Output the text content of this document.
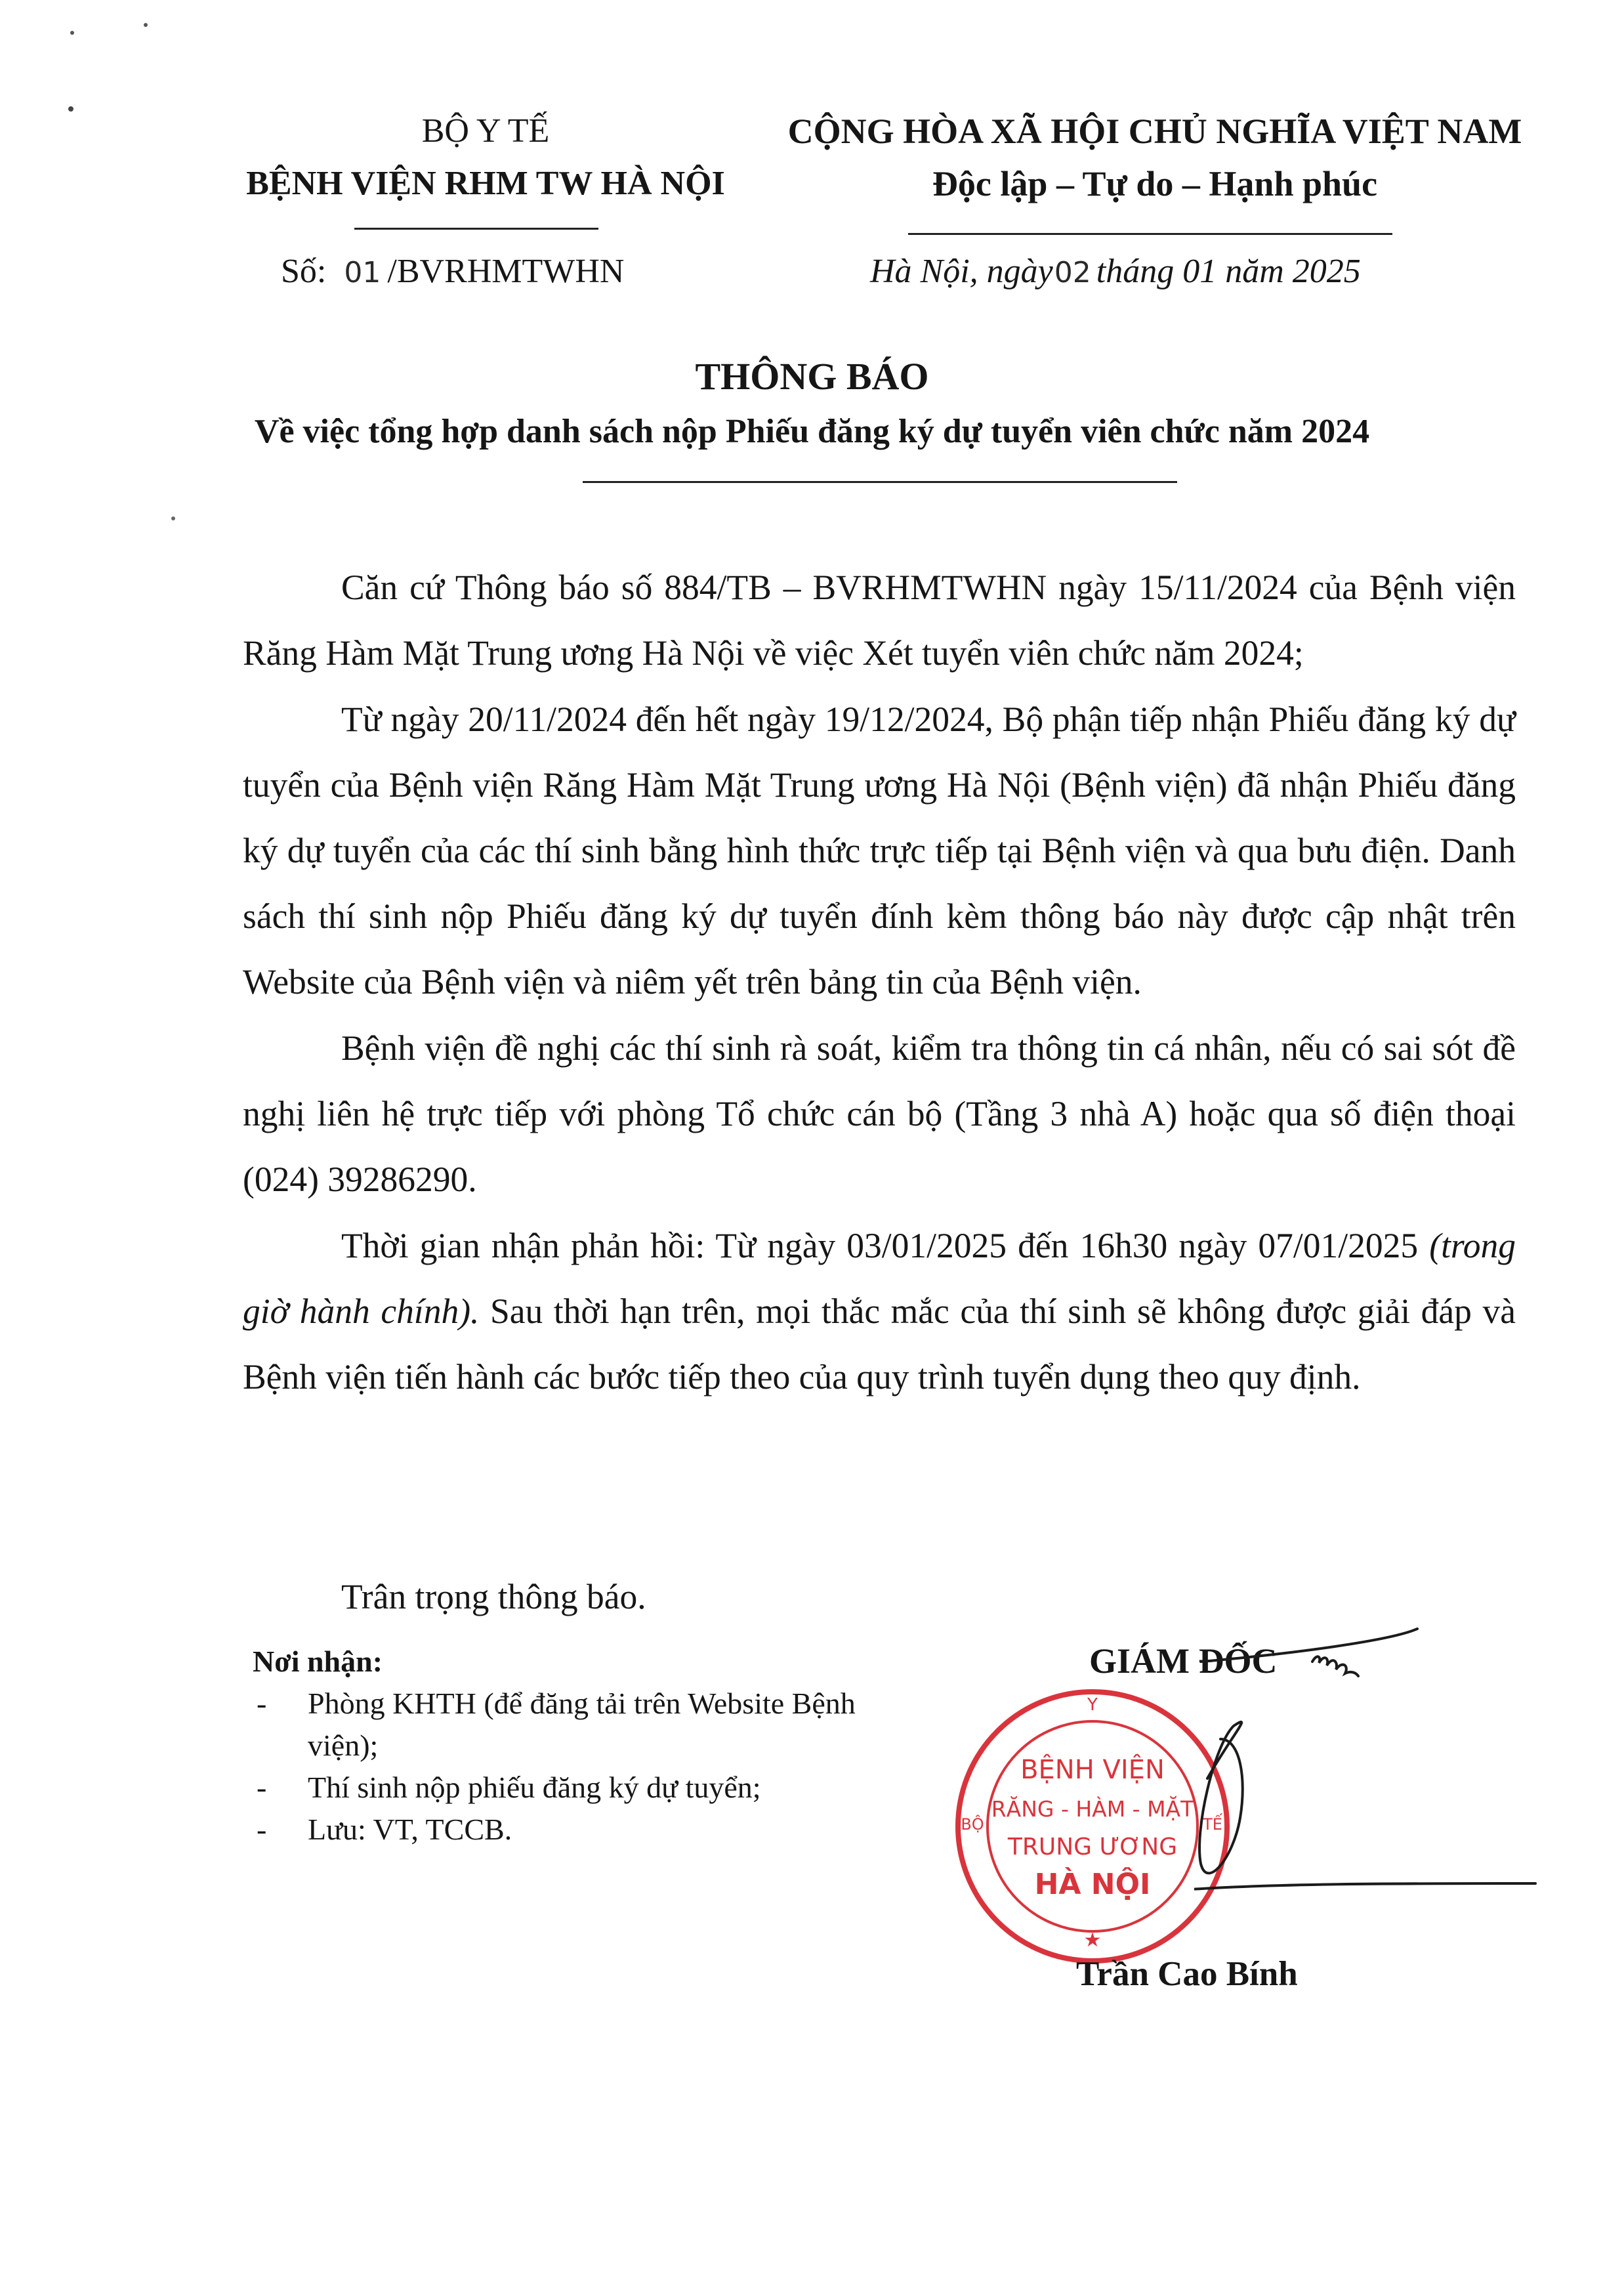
BỘ Y TẾ
BỆNH VIỆN RHM TW HÀ NỘI
Số: 01 /BVRHMTWHN
CỘNG HÒA XÃ HỘI CHỦ NGHĨA VIỆT NAM
Độc lập – Tự do – Hạnh phúc
Hà Nội, ngày02 tháng 01 năm 2025
THÔNG BÁO
Về việc tổng hợp danh sách nộp Phiếu đăng ký dự tuyển viên chức năm 2024

Căn cứ Thông báo số 884/TB – BVRHMTWHN ngày 15/11/2024 của Bệnh viện Răng Hàm Mặt Trung ương Hà Nội về việc Xét tuyển viên chức năm 2024;

Từ ngày 20/11/2024 đến hết ngày 19/12/2024, Bộ phận tiếp nhận Phiếu đăng ký dự tuyển của Bệnh viện Răng Hàm Mặt Trung ương Hà Nội (Bệnh viện) đã nhận Phiếu đăng ký dự tuyển của các thí sinh bằng hình thức trực tiếp tại Bệnh viện và qua bưu điện. Danh sách thí sinh nộp Phiếu đăng ký dự tuyển đính kèm thông báo này được cập nhật trên Website của Bệnh viện và niêm yết trên bảng tin của Bệnh viện.

Bệnh viện đề nghị các thí sinh rà soát, kiểm tra thông tin cá nhân, nếu có sai sót đề nghị liên hệ trực tiếp với phòng Tổ chức cán bộ (Tầng 3 nhà A) hoặc qua số điện thoại (024) 39286290.

Thời gian nhận phản hồi: Từ ngày 03/01/2025 đến 16h30 ngày 07/01/2025 (trong giờ hành chính). Sau thời hạn trên, mọi thắc mắc của thí sinh sẽ không được giải đáp và Bệnh viện tiến hành các bước tiếp theo của quy trình tuyển dụng theo quy định.

Trân trọng thông báo.
Nơi nhận:
-	Phòng KHTH (để đăng tải trên Website Bệnh viện);
-	Thí sinh nộp phiếu đăng ký dự tuyển;
-	Lưu: VT, TCCB.
GIÁM ĐỐC
Y
BỘ	TẾ
BỆNH VIỆN
RĂNG - HÀM - MẶT
TRUNG ƯƠNG
HÀ NỘI
★
Trần Cao Bính
